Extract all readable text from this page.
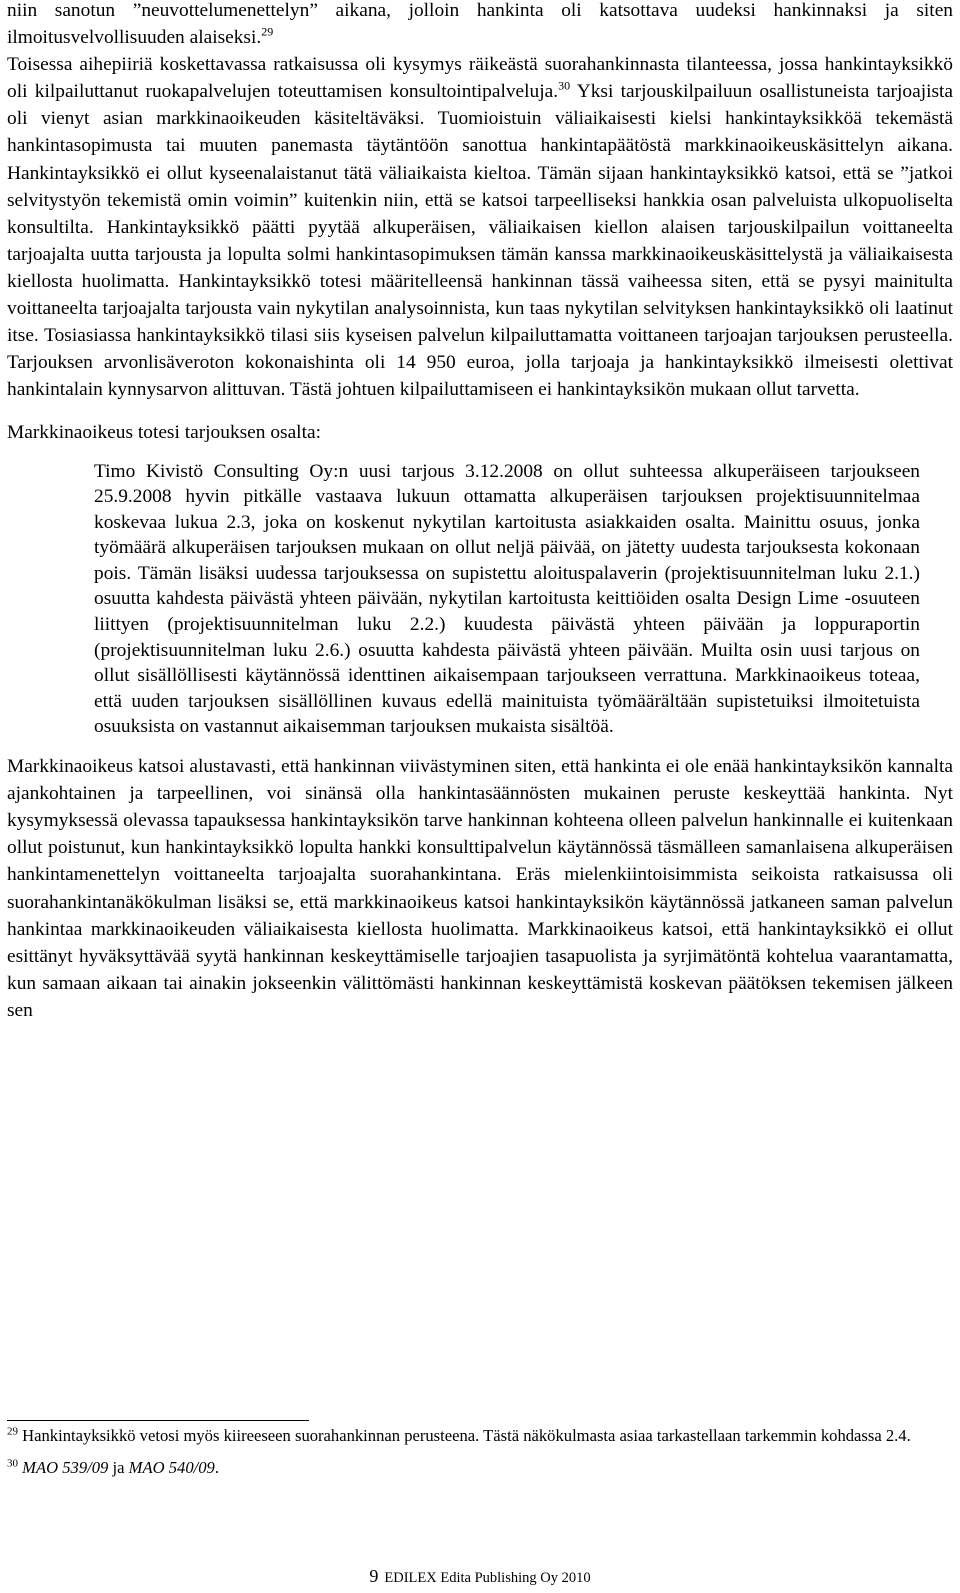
niin sanotun ”neuvottelumenettelyn” aikana, jolloin hankinta oli katsottava uudeksi hankinnaksi ja siten ilmoitusvelvollisuuden alaiseksi.$^{29}$

Toisessa aihepiiriä koskettavassa ratkaisussa oli kysymys räikeästä suorahankinnasta tilanteessa, jossa hankintayksikkö oli kilpailuttanut ruokapalvelujen toteuttamisen konsultointipalveluja.$^{30}$ Yksi tarjouskilpailuun osallistuneista tarjoajista oli vienyt asian markkinaoikeuden käsiteltäväksi. Tuomioistuin väliaikaisesti kielsi hankintayksikköä tekemästä hankintasopimusta tai muuten panemasta täytäntöön sanottua hankintapäätöstä markkinaoikeuskäsittelyn aikana. Hankintayksikkö ei ollut kyseenalaistanut tätä väliaikaista kieltoa. Tämän sijaan hankintayksikkö katsoi, että se ”jatkoi selvitystyön tekemistä omin voimin” kuitenkin niin, että se katsoi tarpeelliseksi hankkia osan palveluista ulkopuoliselta konsultilta. Hankintayksikkö päätti pyytää alkuperäisen, väliaikaisen kiellon alaisen tarjouskilpailun voittaneelta tarjoajalta uutta tarjousta ja lopulta solmi hankintasopimuksen tämän kanssa markkinaoikeuskäsittelystä ja väliaikaisesta kiellosta huolimatta. Hankintayksikkö totesi määritelleensä hankinnan tässä vaiheessa siten, että se pysyi mainitulta voittaneelta tarjoajalta tarjousta vain nykytilan analysoinnista, kun taas nykytilan selvityksen hankintayksikkö oli laatinut itse. Tosiasiassa hankintayksikkö tilasi siis kyseisen palvelun kilpailuttamatta voittaneen tarjoajan tarjouksen perusteella. Tarjouksen arvonlisäveroton kokonaishinta oli 14 950 euroa, jolla tarjoaja ja hankintayksikkö ilmeisesti olettivat hankintalain kynnysarvon alittuvan. Tästä johtuen kilpailuttamiseen ei hankintayksikön mukaan ollut tarvetta.

Markkinaoikeus totesi tarjouksen osalta:

Timo Kivistö Consulting Oy:n uusi tarjous 3.12.2008 on ollut suhteessa alkuperäiseen tarjoukseen 25.9.2008 hyvin pitkälle vastaava lukuun ottamatta alkuperäisen tarjouksen projektisuunnitelmaa koskevaa lukua 2.3, joka on koskenut nykytilan kartoitusta asiakkaiden osalta. Mainittu osuus, jonka työmäärä alkuperäisen tarjouksen mukaan on ollut neljä päivää, on jätetty uudesta tarjouksesta kokonaan pois. Tämän lisäksi uudessa tarjouksessa on supistettu aloituspalaverin (projektisuunnitelman luku 2.1.) osuutta kahdesta päivästä yhteen päivään, nykytilan kartoitusta keittiöiden osalta Design Lime -osuuteen liittyen (projektisuunnitelman luku 2.2.) kuudesta päivästä yhteen päivään ja loppuraportin (projektisuunnitelman luku 2.6.) osuutta kahdesta päivästä yhteen päivään. Muilta osin uusi tarjous on ollut sisällöllisesti käytännössä identtinen aikaisempaan tarjoukseen verrattuna. Markkinaoikeus toteaa, että uuden tarjouksen sisällöllinen kuvaus edellä mainituista työmäärältään supistetuiksi ilmoitetuista osuuksista on vastannut aikaisemman tarjouksen mukaista sisältöä.

Markkinaoikeus katsoi alustavasti, että hankinnan viivästyminen siten, että hankinta ei ole enää hankintayksikön kannalta ajankohtainen ja tarpeellinen, voi sinänsä olla hankintasäännösten mukainen peruste keskeyttää hankinta. Nyt kysymyksessä olevassa tapauksessa hankintayksikön tarve hankinnan kohteena olleen palvelun hankinnalle ei kuitenkaan ollut poistunut, kun hankintayksikkö lopulta hankki konsulttipalvelun käytännössä täsmälleen samanlaisena alkuperäisen hankintamenettelyn voittaneelta tarjoajalta suorahankintana. Eräs mielenkiintoisimmista seikoista ratkaisussa oli suorahankintanäkökulman lisäksi se, että markkinaoikeus katsoi hankintayksikön käytännössä jatkaneen saman palvelun hankintaa markkinaoikeuden väliaikaisesta kiellosta huolimatta. Markkinaoikeus katsoi, että hankintayksikkö ei ollut esittänyt hyväksyttävää syytä hankinnan keskeyttämiselle tarjoajien tasapuolista ja syrjimätöntä kohtelua vaarantamatta, kun samaan aikaan tai ainakin jokseenkin välittömästi hankinnan keskeyttämistä koskevan päätöksen tekemisen jälkeen sen

$^{29}$ Hankintayksikkö vetosi myös kiireeseen suorahankinnan perusteena. Tästä näkökulmasta asiaa tarkastellaan tarkemmin kohdassa 2.4.

$^{30}$ MAO 539/09 ja MAO 540/09.

9 EDILEX Edita Publishing Oy 2010
